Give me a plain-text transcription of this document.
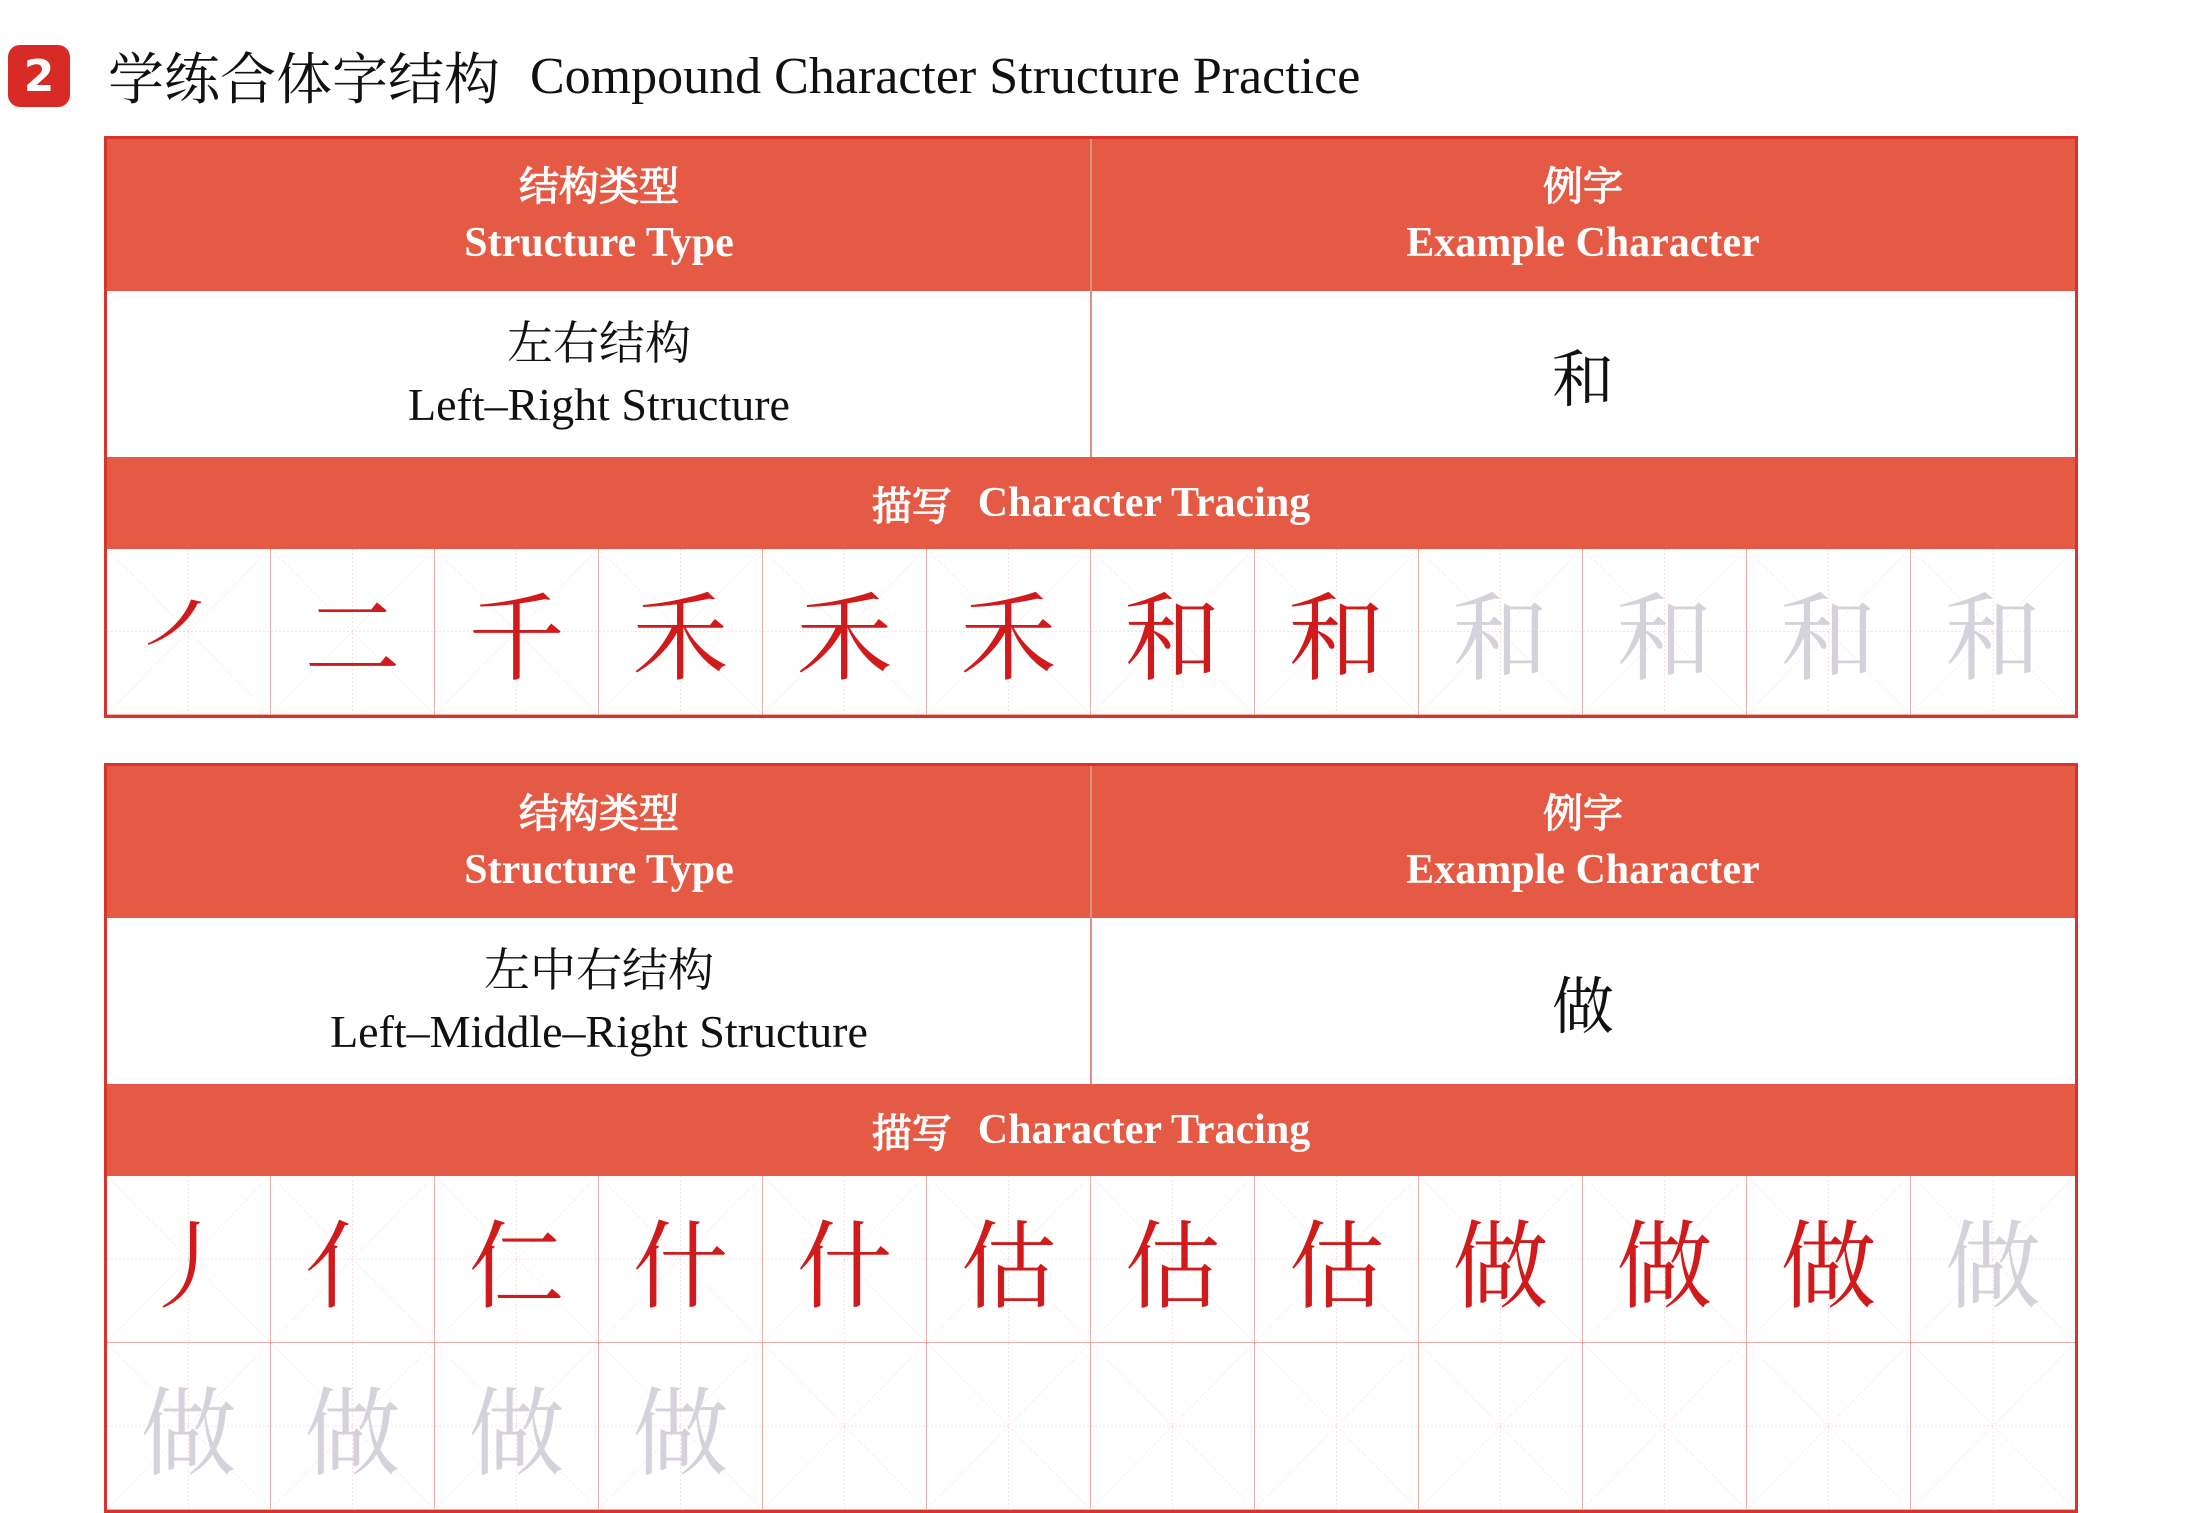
2 学练合体字结构 Compound Character Structure Practice
结构类型
Structure Type
例字
Example Character
左右结构
Left–Right Structure	和
描写 Character Tracing
㇒ 二 千 禾 禾 禾 和 和 和 和 和 和
结构类型
Structure Type
例字
Example Character
左中右结构
Left–Middle–Right Structure	做
描写 Character Tracing
丿 亻 仁 什 什 估 估 估 做 做 做 做
做 做 做 做
